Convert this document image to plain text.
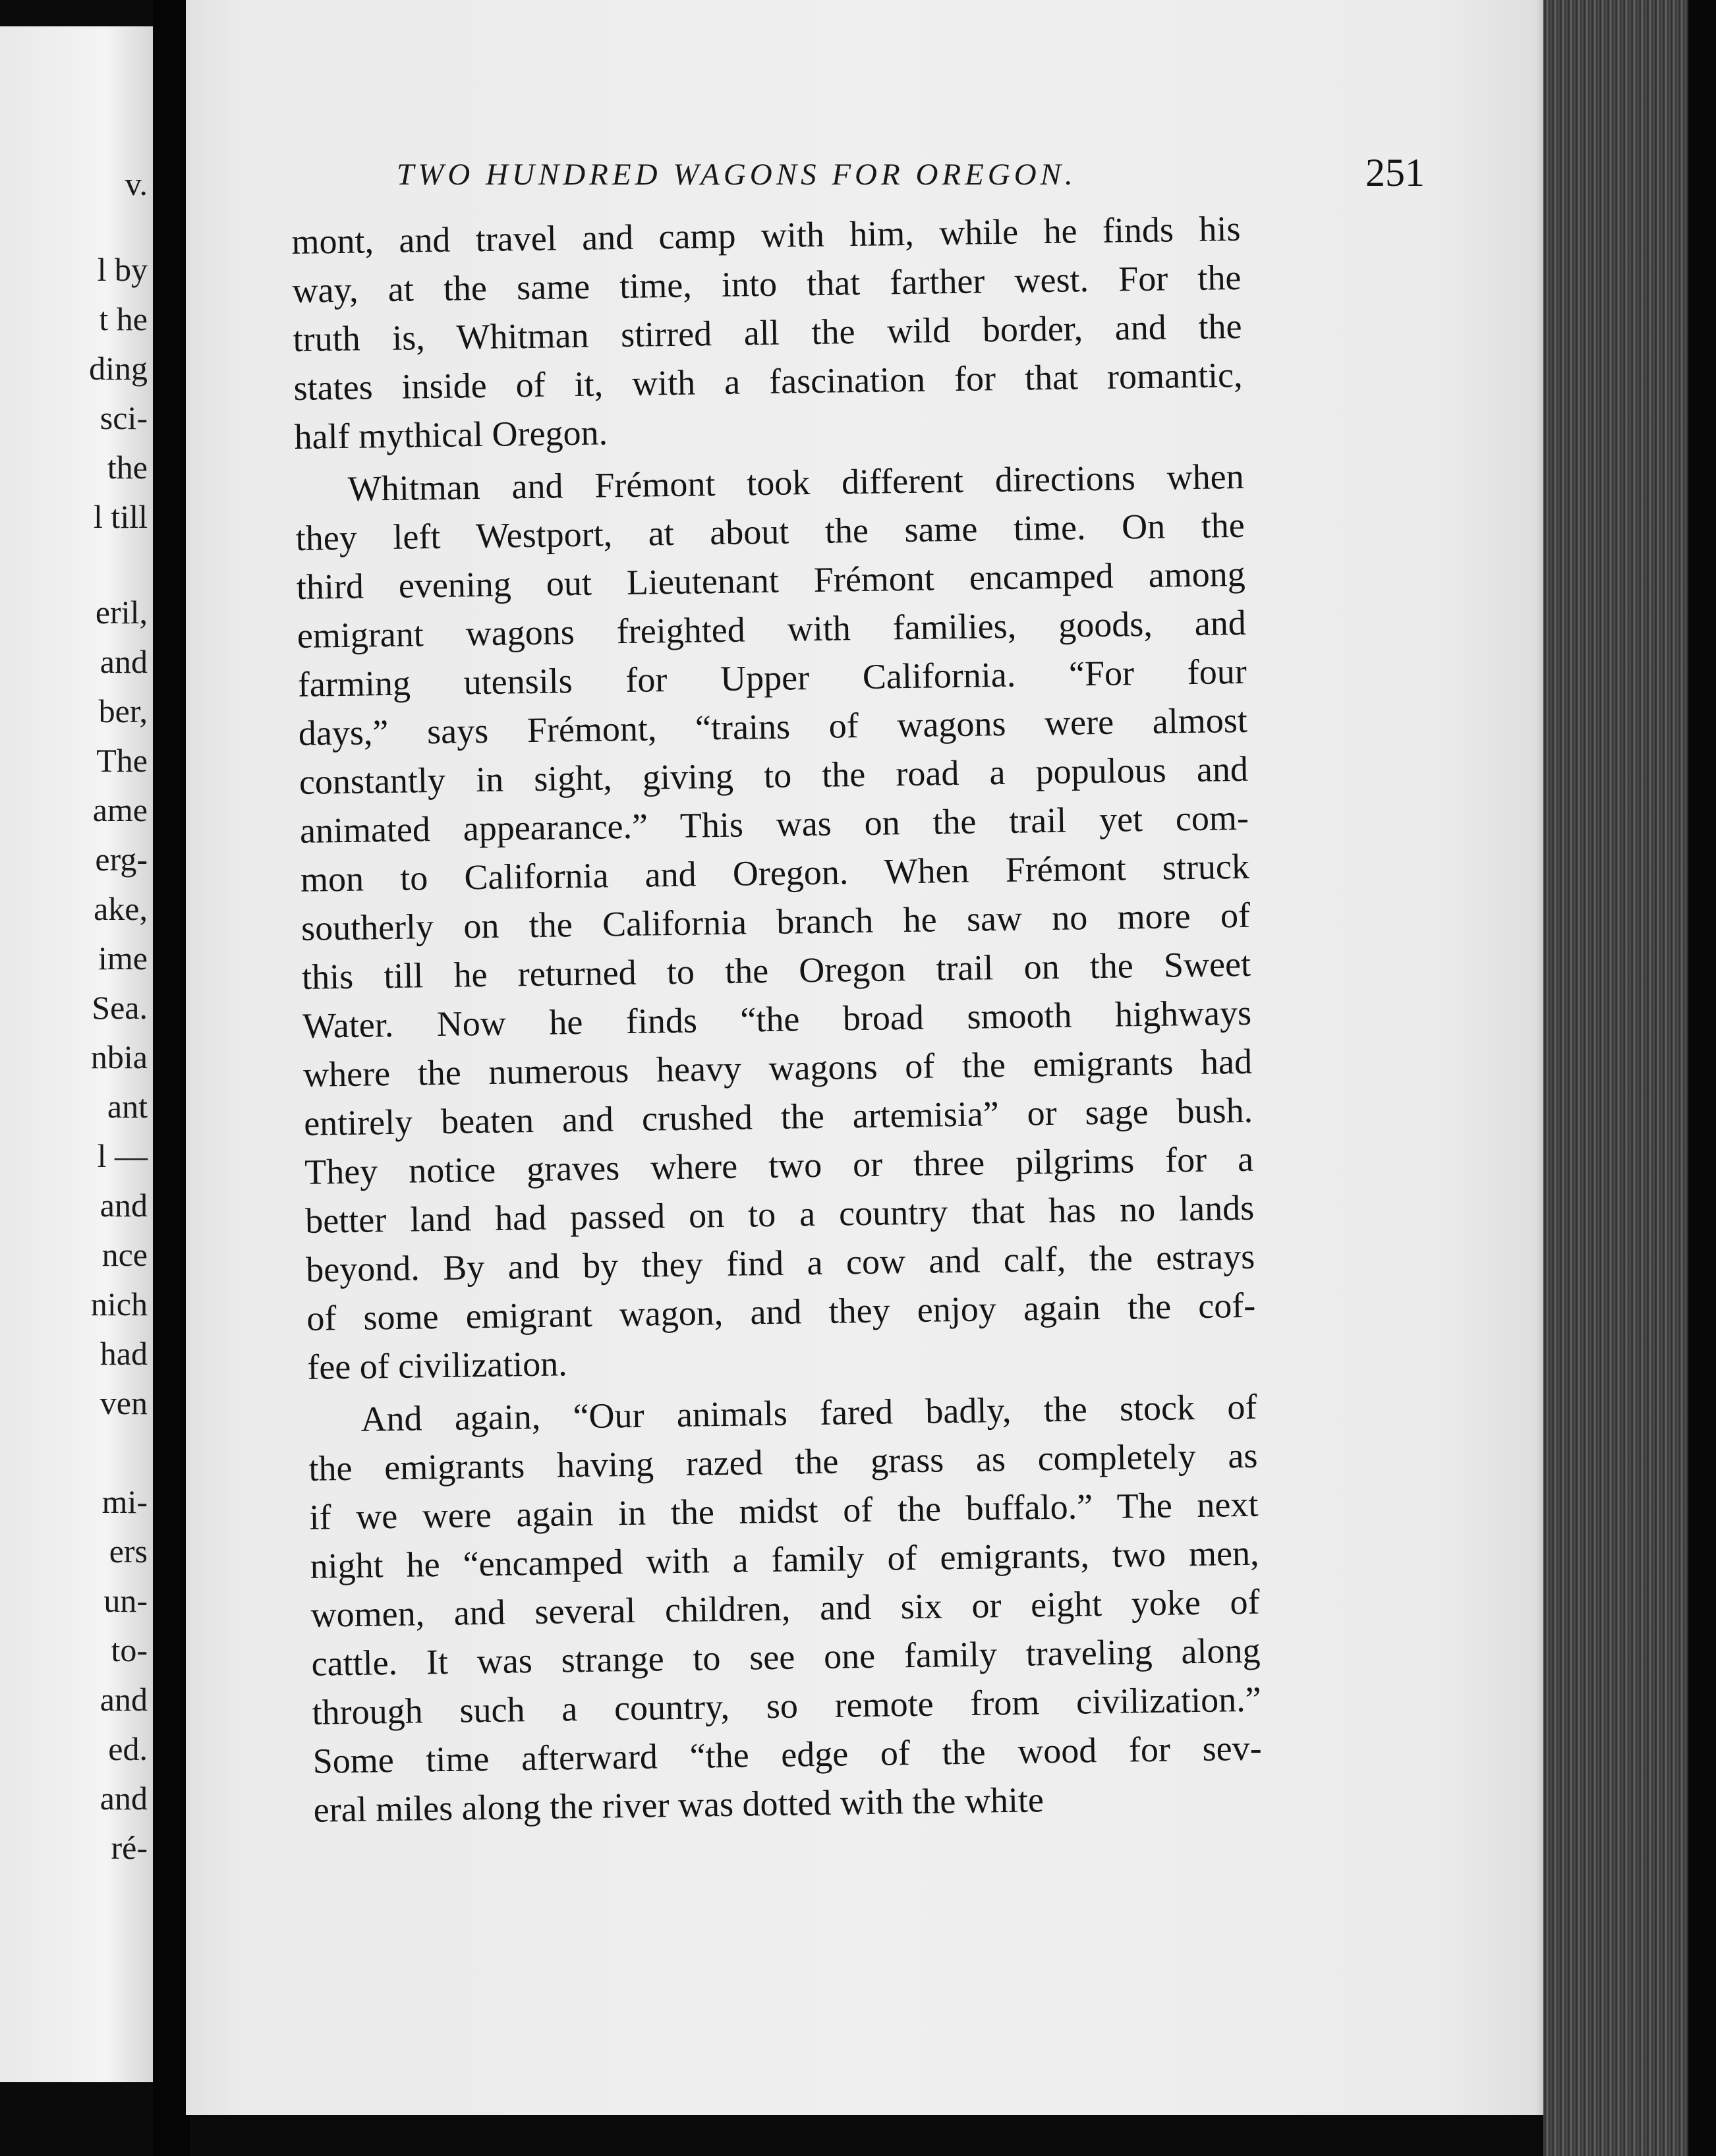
v.
l by
t he
ding
sci-
the
l till
eril,
and
ber,
The
ame
erg-
ake,
ime
Sea.
nbia
ant
l —
and
nce
nich
had
ven
mi-
ers
un-
to-
and
ed.
and
ré-
TWO HUNDRED WAGONS FOR OREGON.	251
mont, and travel and camp with him, while he finds his
way, at the same time, into that farther west. For the
truth is, Whitman stirred all the wild border, and the
states inside of it, with a fascination for that romantic,
half mythical Oregon.
Whitman and Frémont took different directions when
they left Westport, at about the same time. On the
third evening out Lieutenant Frémont encamped among
emigrant wagons freighted with families, goods, and
farming utensils for Upper California. “For four
days,” says Frémont, “trains of wagons were almost
constantly in sight, giving to the road a populous and
animated appearance.” This was on the trail yet com-
mon to California and Oregon. When Frémont struck
southerly on the California branch he saw no more of
this till he returned to the Oregon trail on the Sweet
Water. Now he finds “the broad smooth highways
where the numerous heavy wagons of the emigrants had
entirely beaten and crushed the artemisia” or sage bush.
They notice graves where two or three pilgrims for a
better land had passed on to a country that has no lands
beyond. By and by they find a cow and calf, the estrays
of some emigrant wagon, and they enjoy again the cof-
fee of civilization.
And again, “Our animals fared badly, the stock of
the emigrants having razed the grass as completely as
if we were again in the midst of the buffalo.” The next
night he “encamped with a family of emigrants, two men,
women, and several children, and six or eight yoke of
cattle. It was strange to see one family traveling along
through such a country, so remote from civilization.”
Some time afterward “the edge of the wood for sev-
eral miles along the river was dotted with the white
